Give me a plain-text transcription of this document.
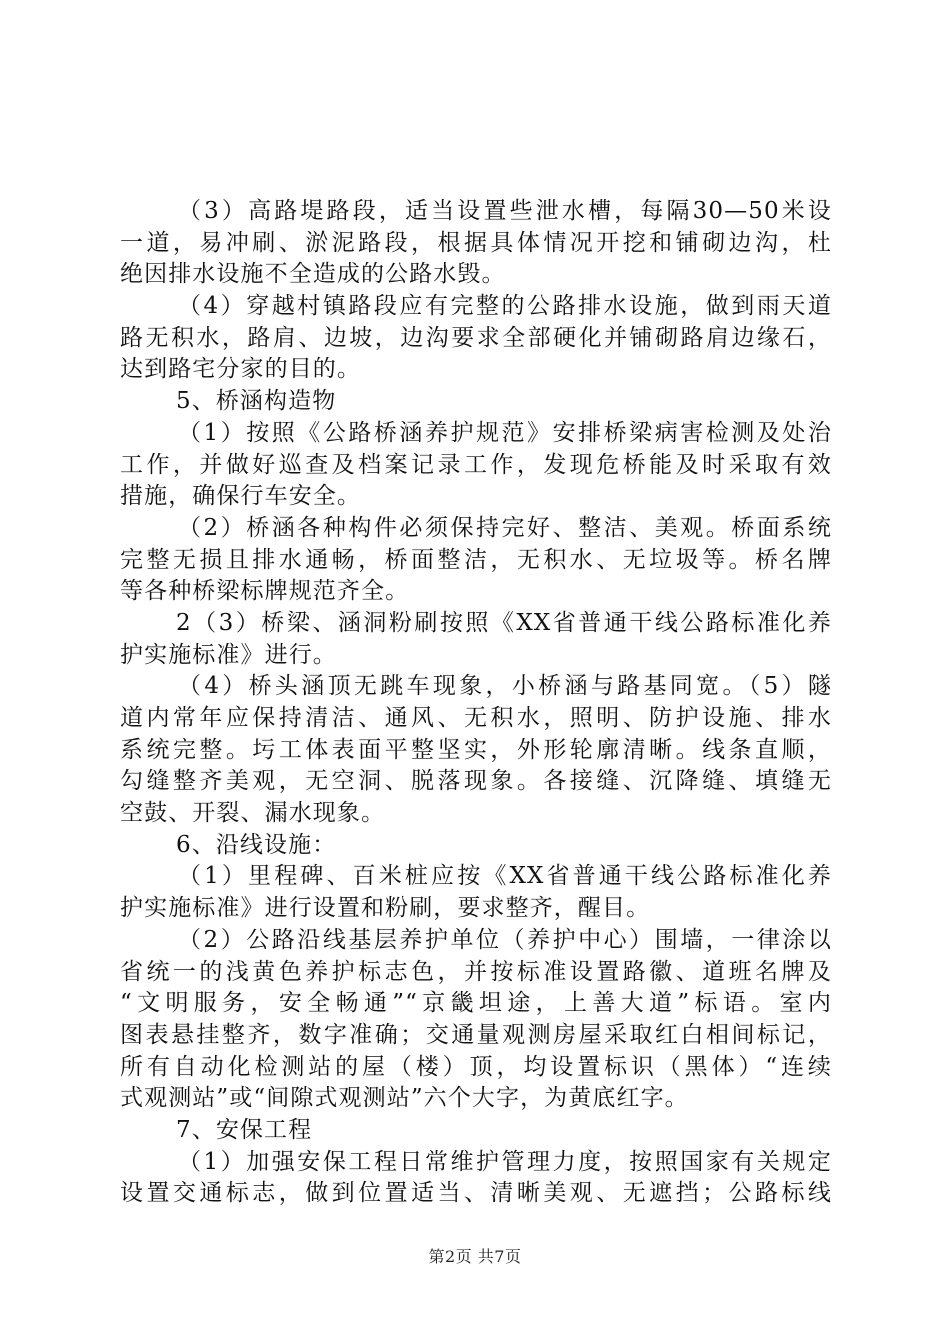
（3）高路堤路段，适当设置些泄水槽，每隔30—50米设
一道，易冲刷、淤泥路段，根据具体情况开挖和铺砌边沟，杜
绝因排水设施不全造成的公路水毁。
（4）穿越村镇路段应有完整的公路排水设施，做到雨天道
路无积水，路肩、边坡，边沟要求全部硬化并铺砌路肩边缘石，
达到路宅分家的目的。
5、桥涵构造物
（1）按照《公路桥涵养护规范》安排桥梁病害检测及处治
工作，并做好巡查及档案记录工作，发现危桥能及时采取有效
措施，确保行车安全。
（2）桥涵各种构件必须保持完好、整洁、美观。桥面系统
完整无损且排水通畅，桥面整洁，无积水、无垃圾等。桥名牌
等各种桥梁标牌规范齐全。
2（3）桥梁、涵洞粉刷按照《XX省普通干线公路标准化养
护实施标准》进行。
（4）桥头涵顶无跳车现象，小桥涵与路基同宽。（5）隧
道内常年应保持清洁、通风、无积水，照明、防护设施、排水
系统完整。圬工体表面平整坚实，外形轮廓清晰。线条直顺，
勾缝整齐美观，无空洞、脱落现象。各接缝、沉降缝、填缝无
空鼓、开裂、漏水现象。
6、沿线设施：
（1）里程碑、百米桩应按《XX省普通干线公路标准化养
护实施标准》进行设置和粉刷，要求整齐，醒目。
（2）公路沿线基层养护单位（养护中心）围墙，一律涂以
省统一的浅黄色养护标志色，并按标准设置路徽、道班名牌及
“文明服务，安全畅通”“京畿坦途，上善大道”标语。室内
图表悬挂整齐，数字准确；交通量观测房屋采取红白相间标记，
所有自动化检测站的屋（楼）顶，均设置标识（黑体）“连续
式观测站”或“间隙式观测站”六个大字，为黄底红字。
7、安保工程
（1）加强安保工程日常维护管理力度，按照国家有关规定
设置交通标志，做到位置适当、清晰美观、无遮挡；公路标线
第2页 共7页
